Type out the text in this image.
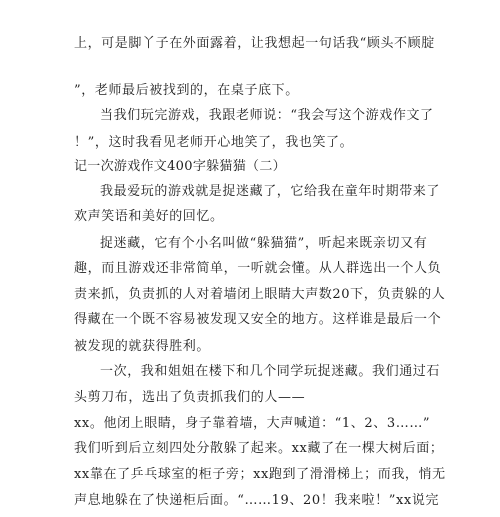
上，可是脚丫子在外面露着，让我想起一句话我“顾头不顾腚
”，老师最后被找到的，在桌子底下。
当我们玩完游戏，我跟老师说：“我会写这个游戏作文了
！”，这时我看见老师开心地笑了，我也笑了。
记一次游戏作文400字躲猫猫（二）
我最爱玩的游戏就是捉迷藏了，它给我在童年时期带来了
欢声笑语和美好的回忆。
捉迷藏，它有个小名叫做“躲猫猫”，听起来既亲切又有
趣，而且游戏还非常简单，一听就会懂。从人群选出一个人负
责来抓，负责抓的人对着墙闭上眼睛大声数20下，负责躲的人
得藏在一个既不容易被发现又安全的地方。这样谁是最后一个
被发现的就获得胜利。
一次，我和姐姐在楼下和几个同学玩捉迷藏。我们通过石
头剪刀布，选出了负责抓我们的人——
xx。他闭上眼睛，身子靠着墙，大声喊道：“1、2、3……”
我们听到后立刻四处分散躲了起来。xx藏了在一棵大树后面；
xx靠在了乒乓球室的柜子旁；xx跑到了滑滑梯上；而我，悄无
声息地躲在了快递柜后面。“……19、20！我来啦！”xx说完
